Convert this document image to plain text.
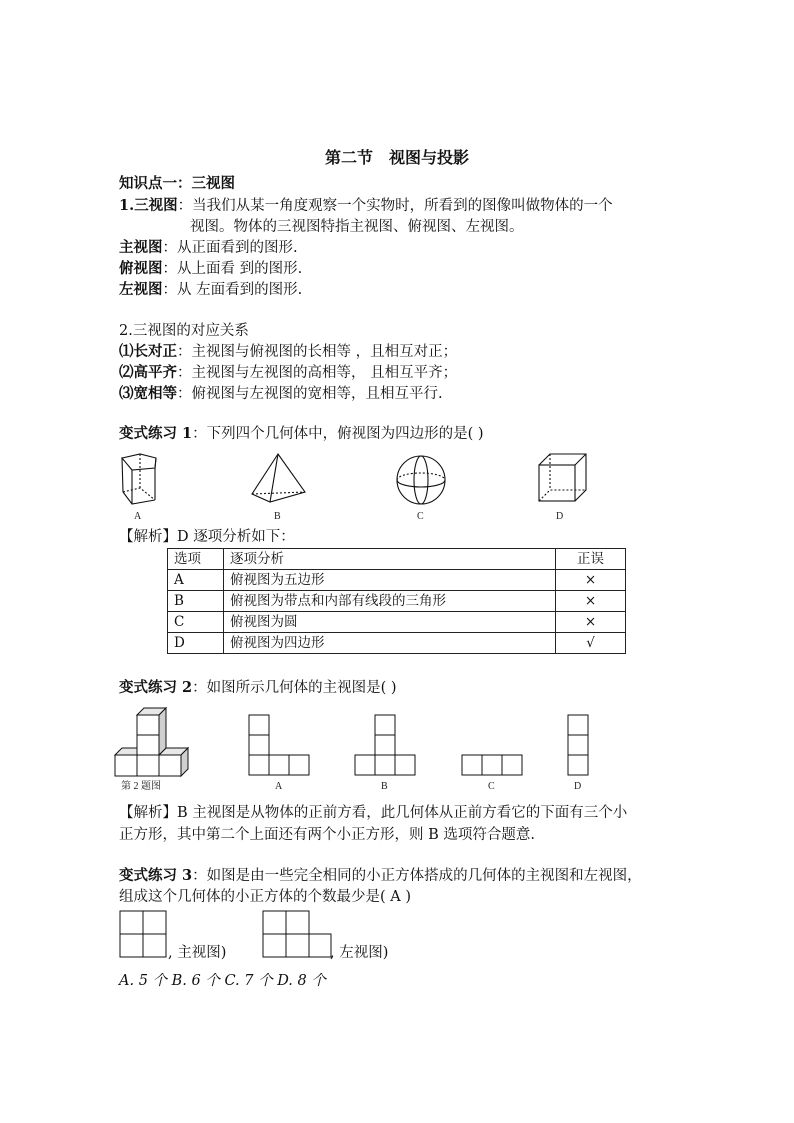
第二节　视图与投影
知识点一：三视图
1.三视图：当我们从某一角度观察一个实物时，所看到的图像叫做物体的一个
视图。物体的三视图特指主视图、俯视图、左视图。
主视图：从正面看到的图形.
俯视图：从上面看 到的图形.
左视图：从 左面看到的图形.
2.三视图的对应关系
⑴长对正：主视图与俯视图的长相等 ，且相互对正；
⑵高平齐：主视图与左视图的高相等， 且相互平齐；
⑶宽相等：俯视图与左视图的宽相等，且相互平行.
变式练习 1：下列四个几何体中，俯视图为四边形的是( )
A	B	C	D
【解析】D 逐项分析如下：
选项	逐项分析	正误
A	俯视图为五边形	×
B	俯视图为带点和内部有线段的三角形	×
C	俯视图为圆	×
D	俯视图为四边形	√
变式练习 2：如图所示几何体的主视图是( )
第 2 题图	A	B	C	D
【解析】B 主视图是从物体的正前方看，此几何体从正前方看它的下面有三个小
正方形，其中第二个上面还有两个小正方形，则 B 选项符合题意.
变式练习 3：如图是由一些完全相同的小正方体搭成的几何体的主视图和左视图，
组成这个几何体的小正方体的个数最少是( A )
, 主视图)	, 左视图)
A. 5 个 B. 6 个 C. 7 个 D. 8 个
